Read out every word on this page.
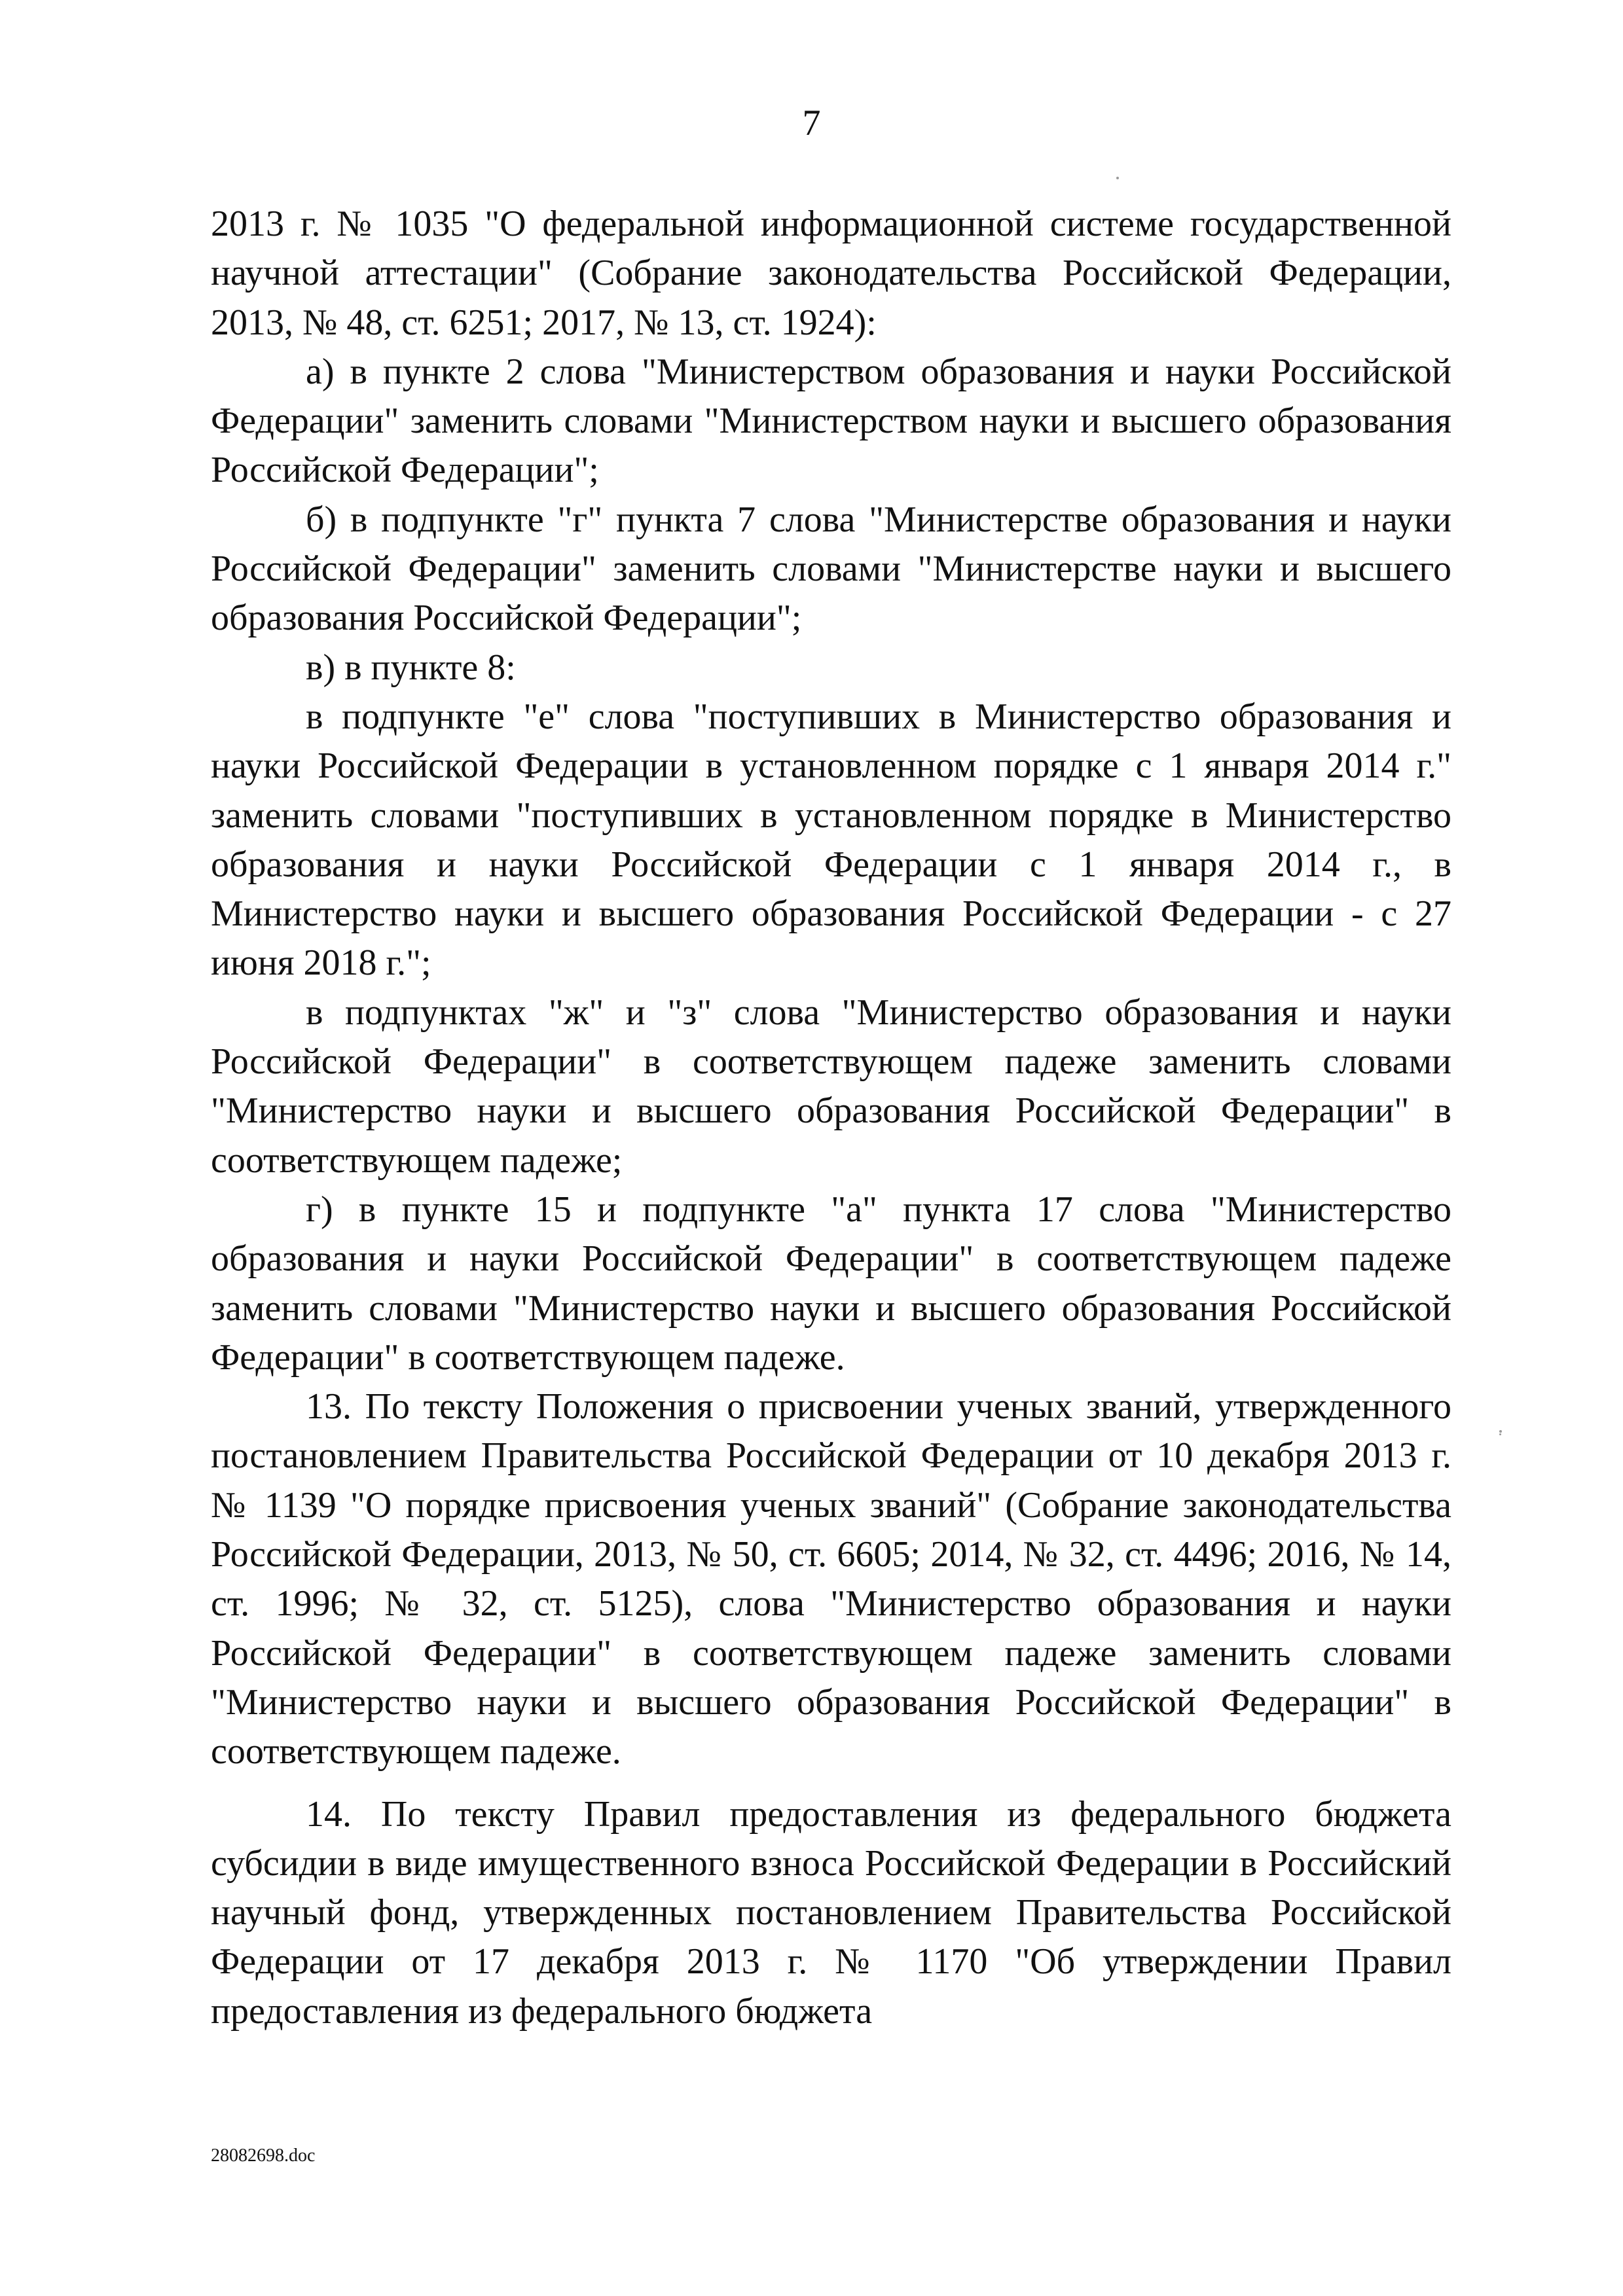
7

2013 г. № 1035 "О федеральной информационной системе государственной научной аттестации" (Собрание законодательства Российской Федерации, 2013, № 48, ст. 6251; 2017, № 13, ст. 1924):

а) в пункте 2 слова "Министерством образования и науки Российской Федерации" заменить словами "Министерством науки и высшего образования Российской Федерации";

б) в подпункте "г" пункта 7 слова "Министерстве образования и науки Российской Федерации" заменить словами "Министерстве науки и высшего образования Российской Федерации";

в) в пункте 8:

в подпункте "е" слова "поступивших в Министерство образования и науки Российской Федерации в установленном порядке с 1 января 2014 г." заменить словами "поступивших в установленном порядке в Министерство образования и науки Российской Федерации с 1 января 2014 г., в Министерство науки и высшего образования Российской Федерации - с 27 июня 2018 г.";

в подпунктах "ж" и "з" слова "Министерство образования и науки Российской Федерации" в соответствующем падеже заменить словами "Министерство науки и высшего образования Российской Федерации" в соответствующем падеже;

г) в пункте 15 и подпункте "а" пункта 17 слова "Министерство образования и науки Российской Федерации" в соответствующем падеже заменить словами "Министерство науки и высшего образования Российской Федерации" в соответствующем падеже.

13. По тексту Положения о присвоении ученых званий, утвержденного постановлением Правительства Российской Федерации от 10 декабря 2013 г. № 1139 "О порядке присвоения ученых званий" (Собрание законодательства Российской Федерации, 2013, № 50, ст. 6605; 2014, № 32, ст. 4496; 2016, № 14, ст. 1996; № 32, ст. 5125), слова "Министерство образования и науки Российской Федерации" в соответствующем падеже заменить словами "Министерство науки и высшего образования Российской Федерации" в соответствующем падеже.

14. По тексту Правил предоставления из федерального бюджета субсидии в виде имущественного взноса Российской Федерации в Российский научный фонд, утвержденных постановлением Правительства Российской Федерации от 17 декабря 2013 г. № 1170 "Об утверждении Правил предоставления из федерального бюджета

28082698.doc
